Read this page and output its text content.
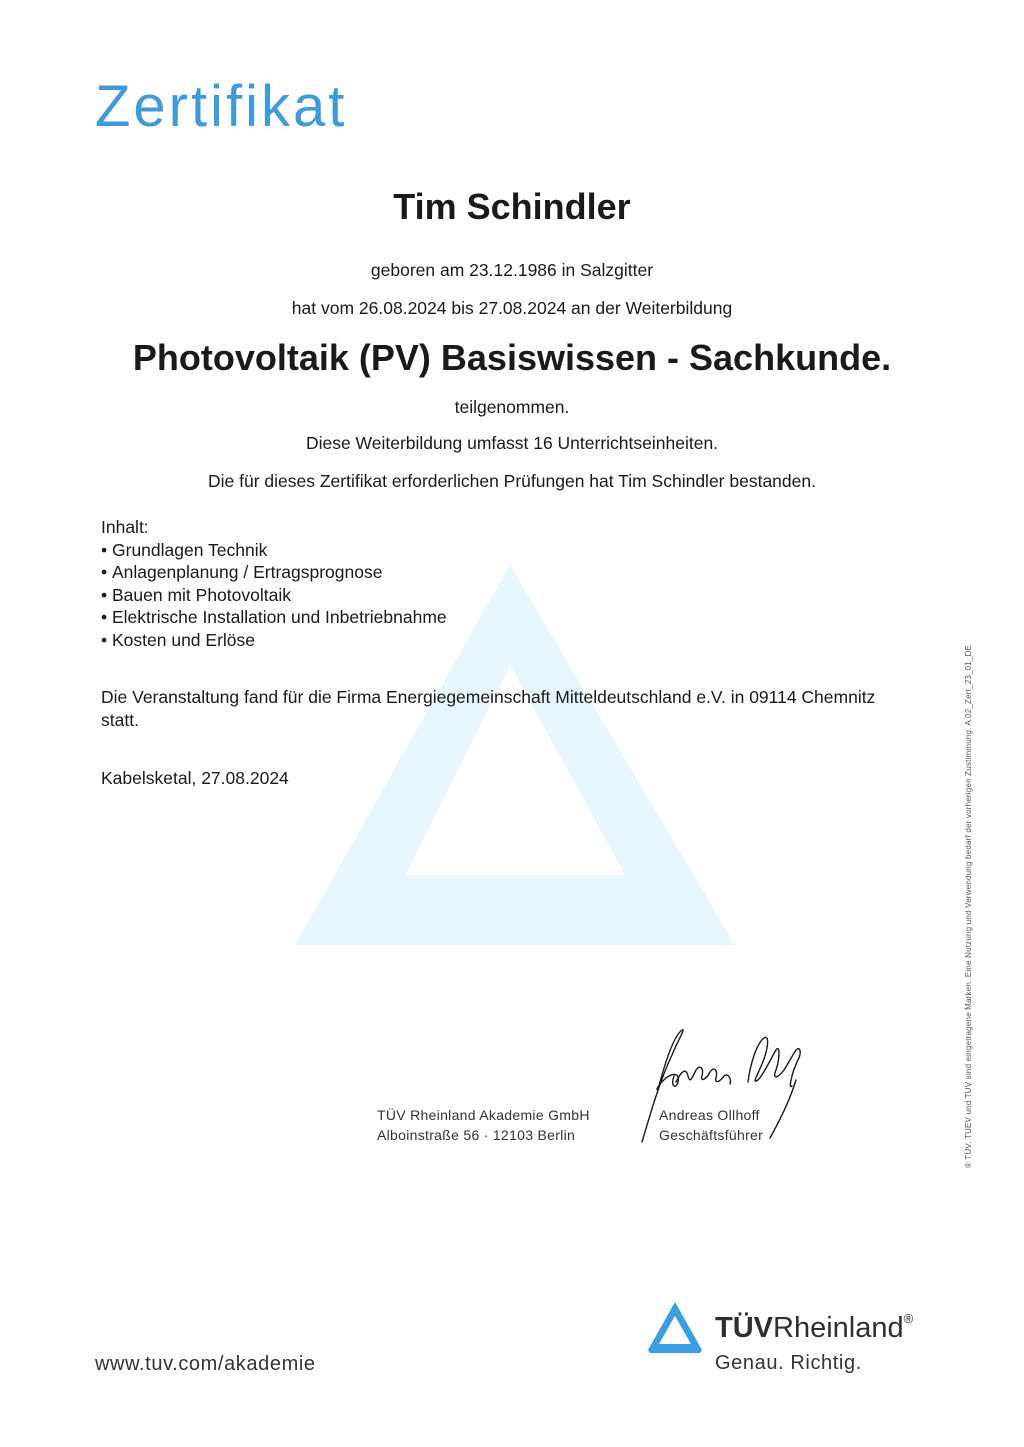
Zertifikat
Tim Schindler
geboren am 23.12.1986 in Salzgitter
hat vom 26.08.2024 bis 27.08.2024 an der Weiterbildung
Photovoltaik (PV) Basiswissen - Sachkunde.
teilgenommen.
Diese Weiterbildung umfasst 16 Unterrichtseinheiten.
Die für dieses Zertifikat erforderlichen Prüfungen hat Tim Schindler bestanden.
Inhalt:
• Grundlagen Technik
• Anlagenplanung / Ertragsprognose
• Bauen mit Photovoltaik
• Elektrische Installation und Inbetriebnahme
• Kosten und Erlöse
Die Veranstaltung fand für die Firma Energiegemeinschaft Mitteldeutschland e.V. in 09114 Chemnitz statt.
Kabelsketal, 27.08.2024
TÜV Rheinland Akademie GmbH
Alboinstraße 56 · 12103 Berlin
Andreas Ollhoff
Geschäftsführer	® TÜV, TUEV und TUV sind eingetragene Marken. Eine Nutzung und Verwendung bedarf der vorherigen Zustimmung. A 02_Zert_23_01_DE
www.tuv.com/akademie
TÜVRheinland®
Genau. Richtig.
